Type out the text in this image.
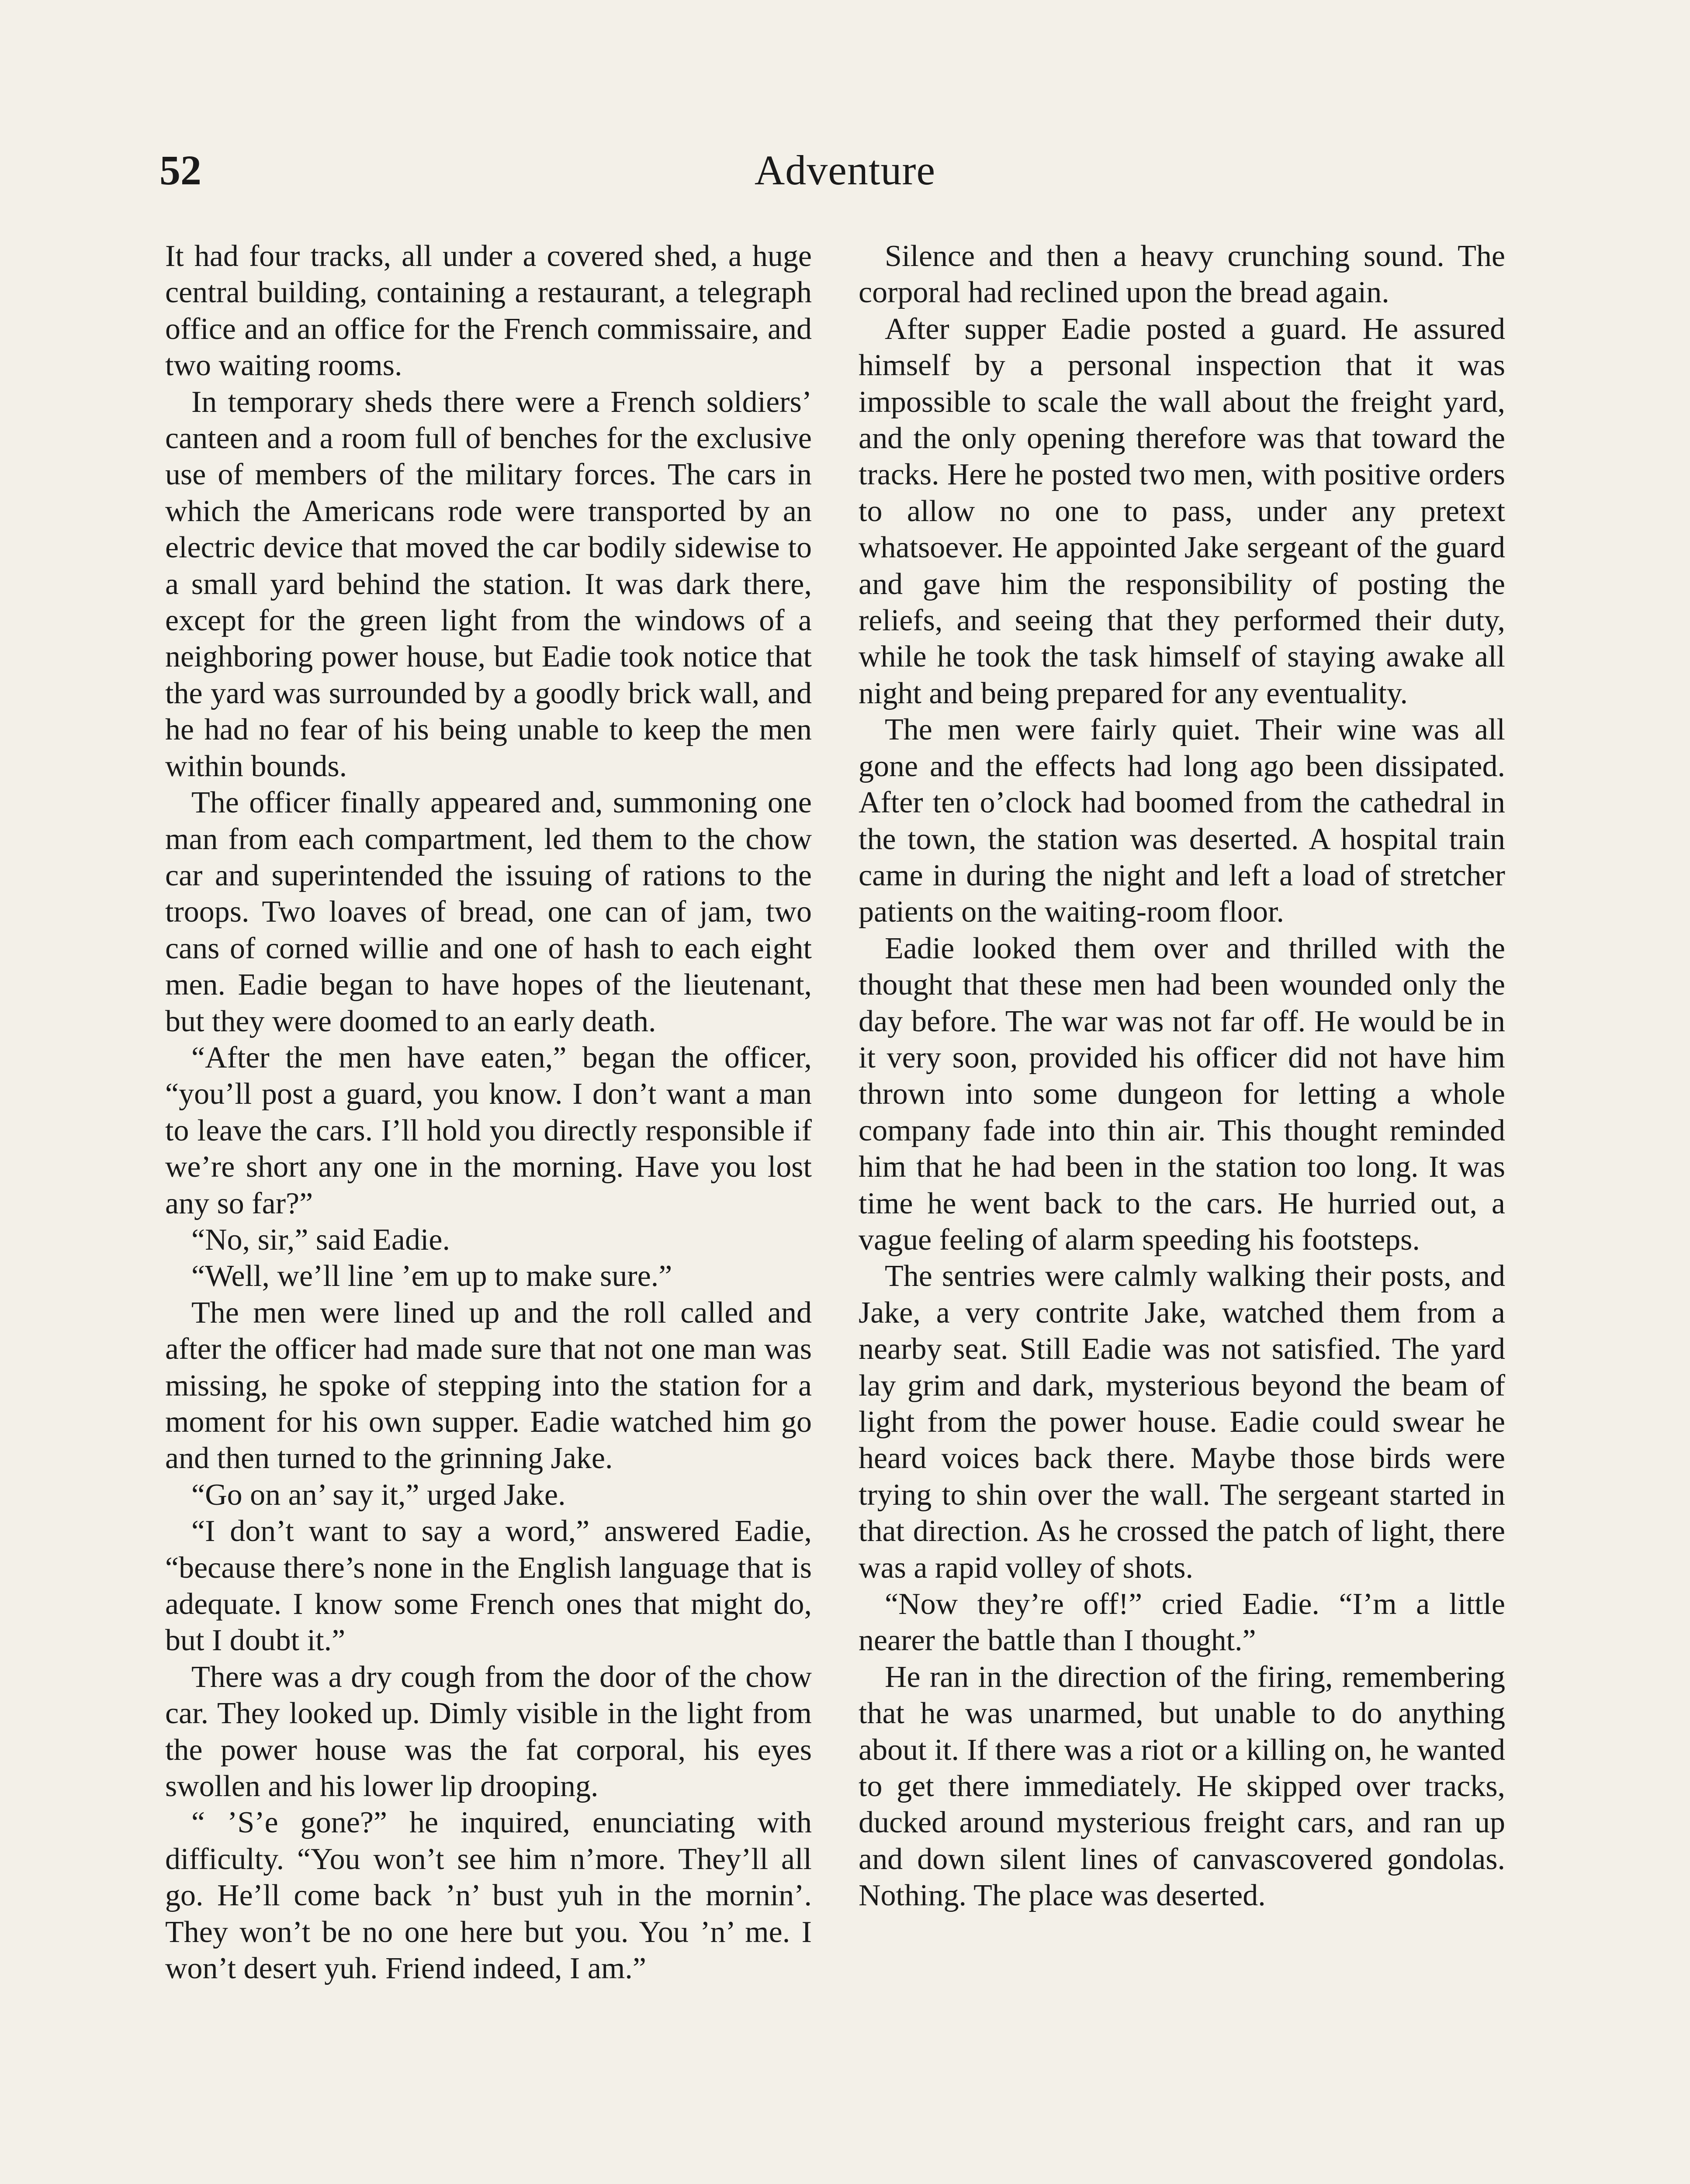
52	Adventure

It had four tracks, all under a covered shed, a huge central building, containing a restaurant, a telegraph office and an office for the French commissaire, and two waiting rooms.

In temporary sheds there were a French soldiers’ canteen and a room full of benches for the exclusive use of members of the military forces. The cars in which the Americans rode were transported by an electric device that moved the car bodily sidewise to a small yard behind the station. It was dark there, except for the green light from the windows of a neighboring power house, but Eadie took notice that the yard was surrounded by a goodly brick wall, and he had no fear of his being unable to keep the men within bounds.

The officer finally appeared and, summoning one man from each compartment, led them to the chow car and superintended the issuing of rations to the troops. Two loaves of bread, one can of jam, two cans of corned willie and one of hash to each eight men. Eadie began to have hopes of the lieutenant, but they were doomed to an early death.

“After the men have eaten,” began the officer, “you’ll post a guard, you know. I don’t want a man to leave the cars. I’ll hold you directly responsible if we’re short any one in the morning. Have you lost any so far?”

“No, sir,” said Eadie.

“Well, we’ll line ’em up to make sure.”

The men were lined up and the roll called and after the officer had made sure that not one man was missing, he spoke of stepping into the station for a moment for his own supper. Eadie watched him go and then turned to the grinning Jake.

“Go on an’ say it,” urged Jake.

“I don’t want to say a word,” answered Eadie, “because there’s none in the English language that is adequate. I know some French ones that might do, but I doubt it.”

There was a dry cough from the door of the chow car. They looked up. Dimly visible in the light from the power house was the fat corporal, his eyes swollen and his lower lip drooping.

“ ’S’e gone?” he inquired, enunciating with difficulty. “You won’t see him n’more. They’ll all go. He’ll come back ’n’ bust yuh in the mornin’. They won’t be no one here but you. You ’n’ me. I won’t desert yuh. Friend indeed, I am.”

Silence and then a heavy crunching sound. The corporal had reclined upon the bread again.

After supper Eadie posted a guard. He assured himself by a personal inspection that it was impossible to scale the wall about the freight yard, and the only opening therefore was that toward the tracks. Here he posted two men, with positive orders to allow no one to pass, under any pretext whatsoever. He appointed Jake sergeant of the guard and gave him the responsibility of posting the reliefs, and seeing that they performed their duty, while he took the task himself of staying awake all night and being prepared for any eventuality.

The men were fairly quiet. Their wine was all gone and the effects had long ago been dissipated. After ten o’clock had boomed from the cathedral in the town, the station was deserted. A hospital train came in during the night and left a load of stretcher patients on the waiting-room floor.

Eadie looked them over and thrilled with the thought that these men had been wounded only the day before. The war was not far off. He would be in it very soon, provided his officer did not have him thrown into some dungeon for letting a whole company fade into thin air. This thought reminded him that he had been in the station too long. It was time he went back to the cars. He hurried out, a vague feeling of alarm speeding his footsteps.

The sentries were calmly walking their posts, and Jake, a very contrite Jake, watched them from a nearby seat. Still Eadie was not satisfied. The yard lay grim and dark, mysterious beyond the beam of light from the power house. Eadie could swear he heard voices back there. Maybe those birds were trying to shin over the wall. The sergeant started in that direction. As he crossed the patch of light, there was a rapid volley of shots.

“Now they’re off!” cried Eadie. “I’m a little nearer the battle than I thought.”

He ran in the direction of the firing, remembering that he was unarmed, but unable to do anything about it. If there was a riot or a killing on, he wanted to get there immediately. He skipped over tracks, ducked around mysterious freight cars, and ran up and down silent lines of canvascovered gondolas. Nothing. The place was deserted.
